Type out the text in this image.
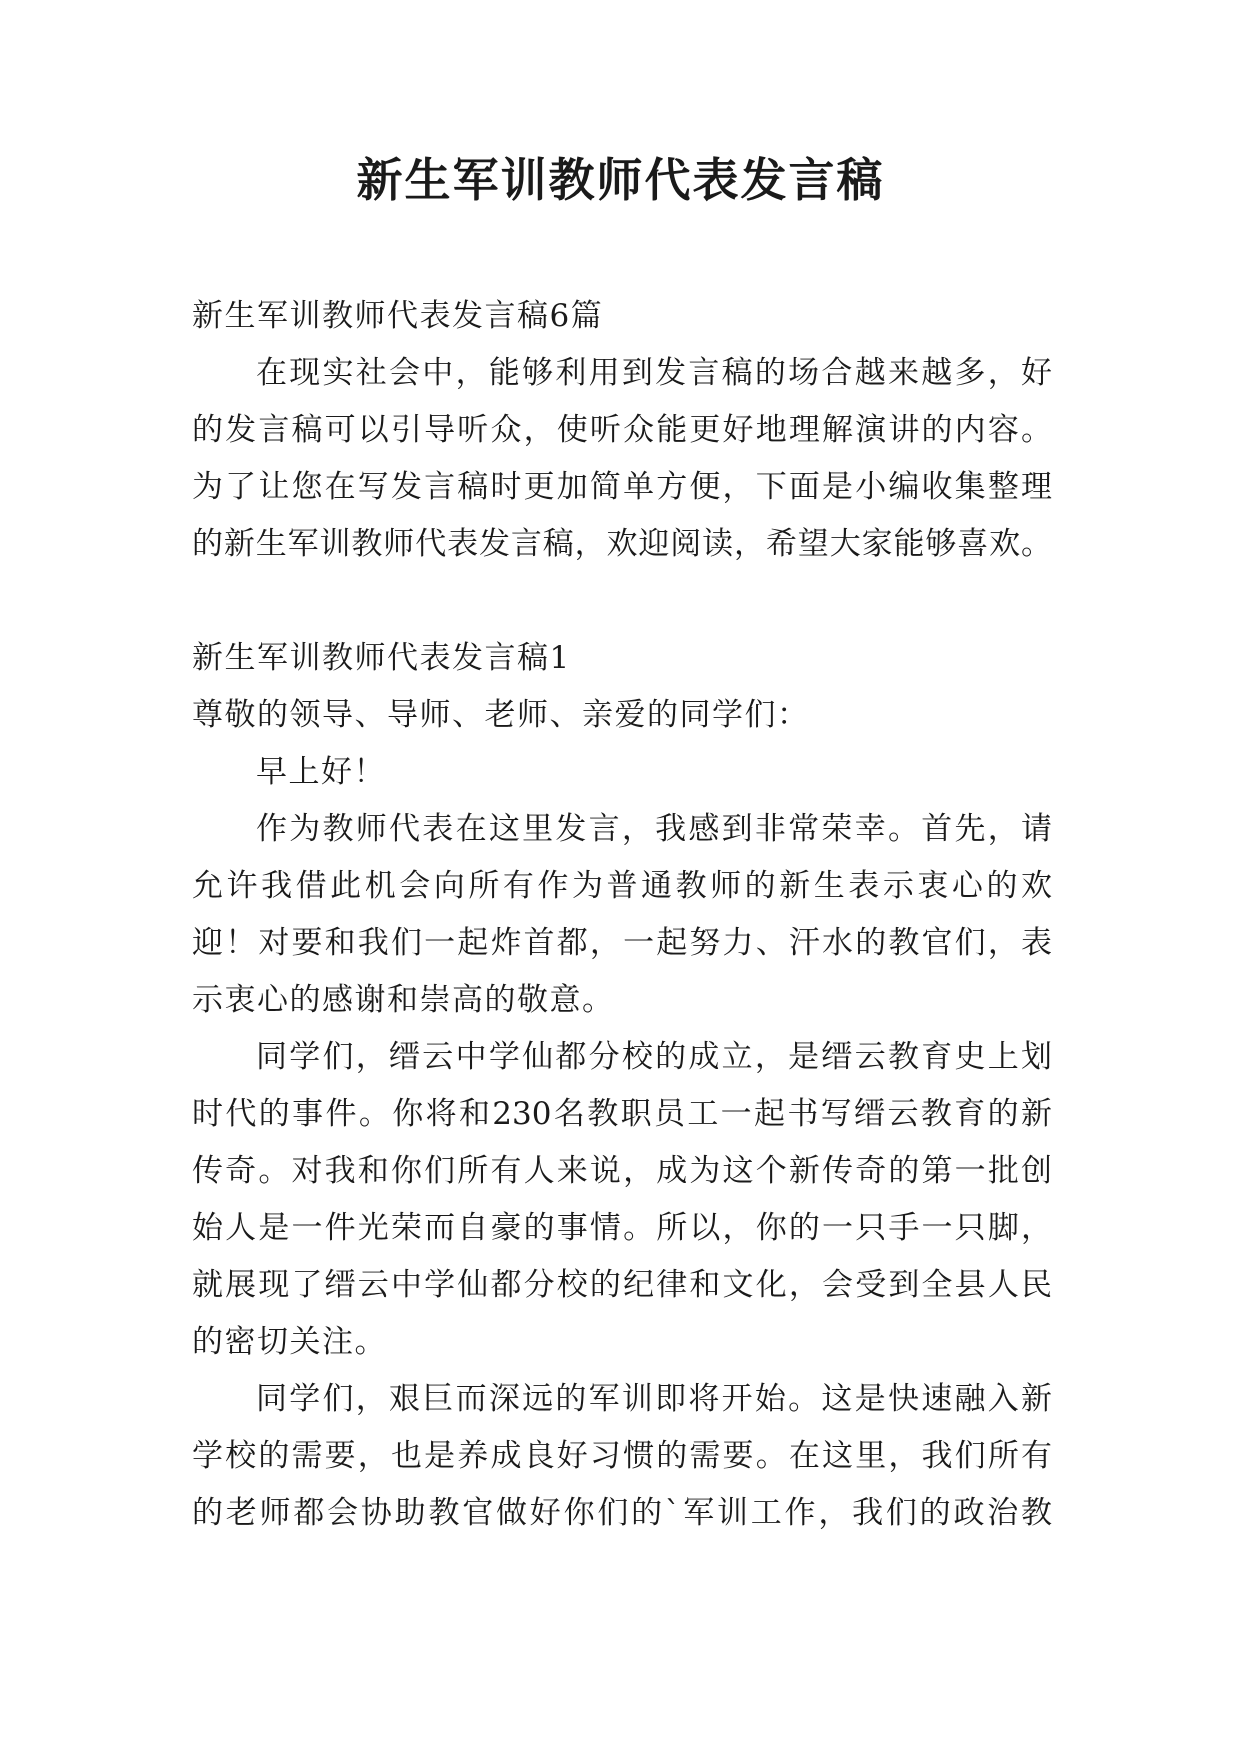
新生军训教师代表发言稿
新生军训教师代表发言稿6篇
在现实社会中，能够利用到发言稿的场合越来越多，好
的发言稿可以引导听众，使听众能更好地理解演讲的内容。
为了让您在写发言稿时更加简单方便，下面是小编收集整理
的新生军训教师代表发言稿，欢迎阅读，希望大家能够喜欢。
新生军训教师代表发言稿1
尊敬的领导、导师、老师、亲爱的同学们：
早上好！
作为教师代表在这里发言，我感到非常荣幸。首先，请
允许我借此机会向所有作为普通教师的新生表示衷心的欢
迎！对要和我们一起炸首都，一起努力、汗水的教官们，表
示衷心的感谢和崇高的敬意。
同学们，缙云中学仙都分校的成立，是缙云教育史上划
时代的事件。你将和230名教职员工一起书写缙云教育的新
传奇。对我和你们所有人来说，成为这个新传奇的第一批创
始人是一件光荣而自豪的事情。所以，你的一只手一只脚，
就展现了缙云中学仙都分校的纪律和文化，会受到全县人民
的密切关注。
同学们，艰巨而深远的军训即将开始。这是快速融入新
学校的需要，也是养成良好习惯的需要。在这里，我们所有
的老师都会协助教官做好你们的`军训工作，我们的政治教
